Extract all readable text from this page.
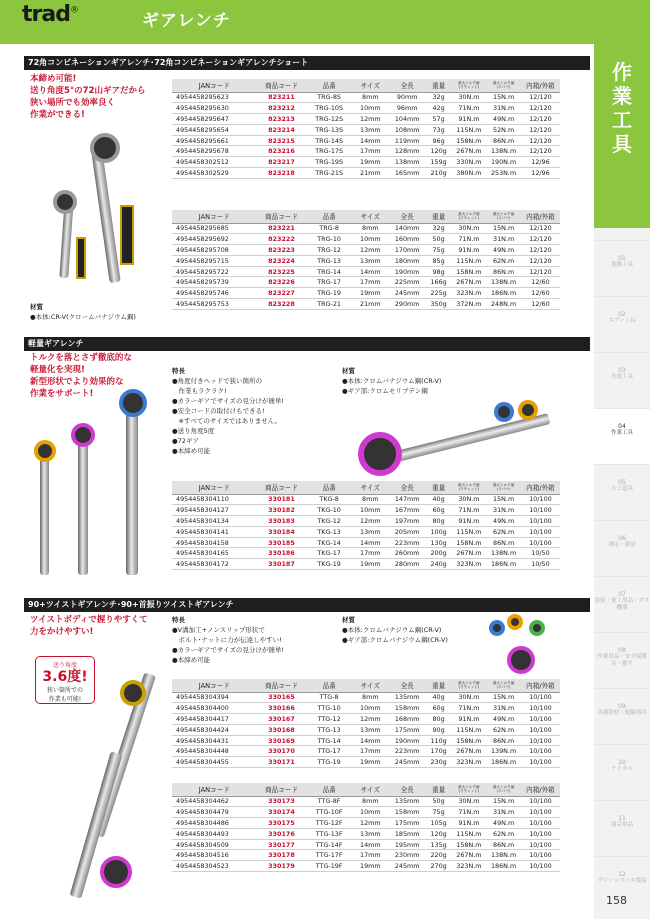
trad®
ギアレンチ
作
業
工
具
01
電動工具
02
エアー工具
03
充電工具
04
作業工具
05
大工道具
06
測定・測量
07
溶接・電工用品・ガス機器
08
作業用品・安全保護具・衛生
09
各種資材・配線器具
10
ナミカル
11
園芸用品
12
グリーンエース製品
158
72角コンビネーションギアレンチ･72角コンビネーションギアレンチショート
本締め可能!
送り角度5°の72山ギアだから
狭い場所でも効率良く
作業ができる!
材質
●本体:CR-V(クロームバナジウム鋼)
JANコード	商品コード	品番	サイズ	全長	重量	最大トルク値
(ラチェット)	最大トルク値
(スパナ)	内箱/外箱
4954458295623	823211	TRG-8S	8mm	90mm	32g	30N.m	15N.m	12/120
4954458295630	823212	TRG-10S	10mm	96mm	42g	71N.m	31N.m	12/120
4954458295647	823213	TRG-12S	12mm	104mm	57g	91N.m	49N.m	12/120
4954458295654	823214	TRG-13S	13mm	108mm	73g	115N.m	52N.m	12/120
4954458295661	823215	TRG-14S	14mm	119mm	96g	158N.m	86N.m	12/120
4954458295678	823216	TRG-17S	17mm	128mm	120g	267N.m	138N.m	12/120
4954458302512	823217	TRG-19S	19mm	138mm	159g	330N.m	190N.m	12/96
4954458302529	823218	TRG-21S	21mm	165mm	210g	380N.m	253N.m	12/96
JANコード	商品コード	品番	サイズ	全長	重量	最大トルク値
(ラチェット)	最大トルク値
(スパナ)	内箱/外箱
4954458295685	823221	TRG-8	8mm	140mm	32g	30N.m	15N.m	12/120
4954458295692	823222	TRG-10	10mm	160mm	50g	71N.m	31N.m	12/120
4954458295708	823223	TRG-12	12mm	170mm	75g	91N.m	49N.m	12/120
4954458295715	823224	TRG-13	13mm	180mm	85g	115N.m	62N.m	12/120
4954458295722	823225	TRG-14	14mm	190mm	98g	158N.m	86N.m	12/120
4954458295739	823226	TRG-17	17mm	225mm	166g	267N.m	138N.m	12/60
4954458295746	823227	TRG-19	19mm	245mm	225g	323N.m	186N.m	12/60
4954458295753	823228	TRG-21	21mm	290mm	350g	372N.m	248N.m	12/60
軽量ギアレンチ
トルクを落とさず徹底的な
軽量化を実現!
新型形状でより効果的な
作業をサポート!
特長
●角度付きヘッドで狭い箇所の
　作業もラクラク!
●カラーギアでサイズの見分けが簡単!
●安全コードの取付けもできる!
　※すべてのサイズではありません。
●送り角度5度
●72ギア
●本締め可能
材質
●本体:クロムバナジウム鋼(CR-V)
●ギア部:クロムモリブデン鋼
JANコード	商品コード	品番	サイズ	全長	重量	最大トルク値
(ラチェット)	最大トルク値
(スパナ)	内箱/外箱
4954458304110	330181	TKG-8	8mm	147mm	40g	30N.m	15N.m	10/100
4954458304127	330182	TKG-10	10mm	167mm	60g	71N.m	31N.m	10/100
4954458304134	330183	TKG-12	12mm	197mm	80g	91N.m	49N.m	10/100
4954458304141	330184	TKG-13	13mm	205mm	100g	115N.m	62N.m	10/100
4954458304158	330185	TKG-14	14mm	223mm	130g	158N.m	86N.m	10/100
4954458304165	330186	TKG-17	17mm	260mm	200g	267N.m	138N.m	10/50
4954458304172	330187	TKG-19	19mm	280mm	240g	323N.m	186N.m	10/50
90+ツイストギアレンチ･90+首振りツイストギアレンチ
ツイストボディで握りやすくて
力をかけやすい!
送り角度
3.6度!
狭い箇所での
作業も可能!
特長
●V溝加工+ノンスリップ形状で
　ボルト･ナットに力が伝達しやすい!
●カラーギアでサイズの見分けが簡単!
●本締め可能
材質
●本体:クロムバナジウム鋼(CR-V)
●ギア部:クロムバナジウム鋼(CR-V)
JANコード	商品コード	品番	サイズ	全長	重量	最大トルク値
(ラチェット)	最大トルク値
(スパナ)	内箱/外箱
4954458304394	330165	TTG-8	8mm	135mm	40g	30N.m	15N.m	10/100
4954458304400	330166	TTG-10	10mm	158mm	60g	71N.m	31N.m	10/100
4954458304417	330167	TTG-12	12mm	168mm	80g	91N.m	49N.m	10/100
4954458304424	330168	TTG-13	13mm	175mm	90g	115N.m	62N.m	10/100
4954458304431	330169	TTG-14	14mm	190mm	110g	158N.m	86N.m	10/100
4954458304448	330170	TTG-17	17mm	223mm	170g	267N.m	139N.m	10/100
4954458304455	330171	TTG-19	19mm	245mm	230g	323N.m	186N.m	10/100
JANコード	商品コード	品番	サイズ	全長	重量	最大トルク値
(ラチェット)	最大トルク値
(スパナ)	内箱/外箱
4954458304462	330173	TTG-8F	8mm	135mm	50g	30N.m	15N.m	10/100
4954458304479	330174	TTG-10F	10mm	158mm	75g	71N.m	31N.m	10/100
4954458304486	330175	TTG-12F	12mm	175mm	105g	91N.m	49N.m	10/100
4954458304493	330176	TTG-13F	13mm	185mm	120g	115N.m	62N.m	10/100
4954458304509	330177	TTG-14F	14mm	195mm	135g	158N.m	86N.m	10/100
4954458304516	330178	TTG-17F	17mm	230mm	220g	267N.m	138N.m	10/100
4954458304523	330179	TTG-19F	19mm	245mm	270g	323N.m	186N.m	10/100
